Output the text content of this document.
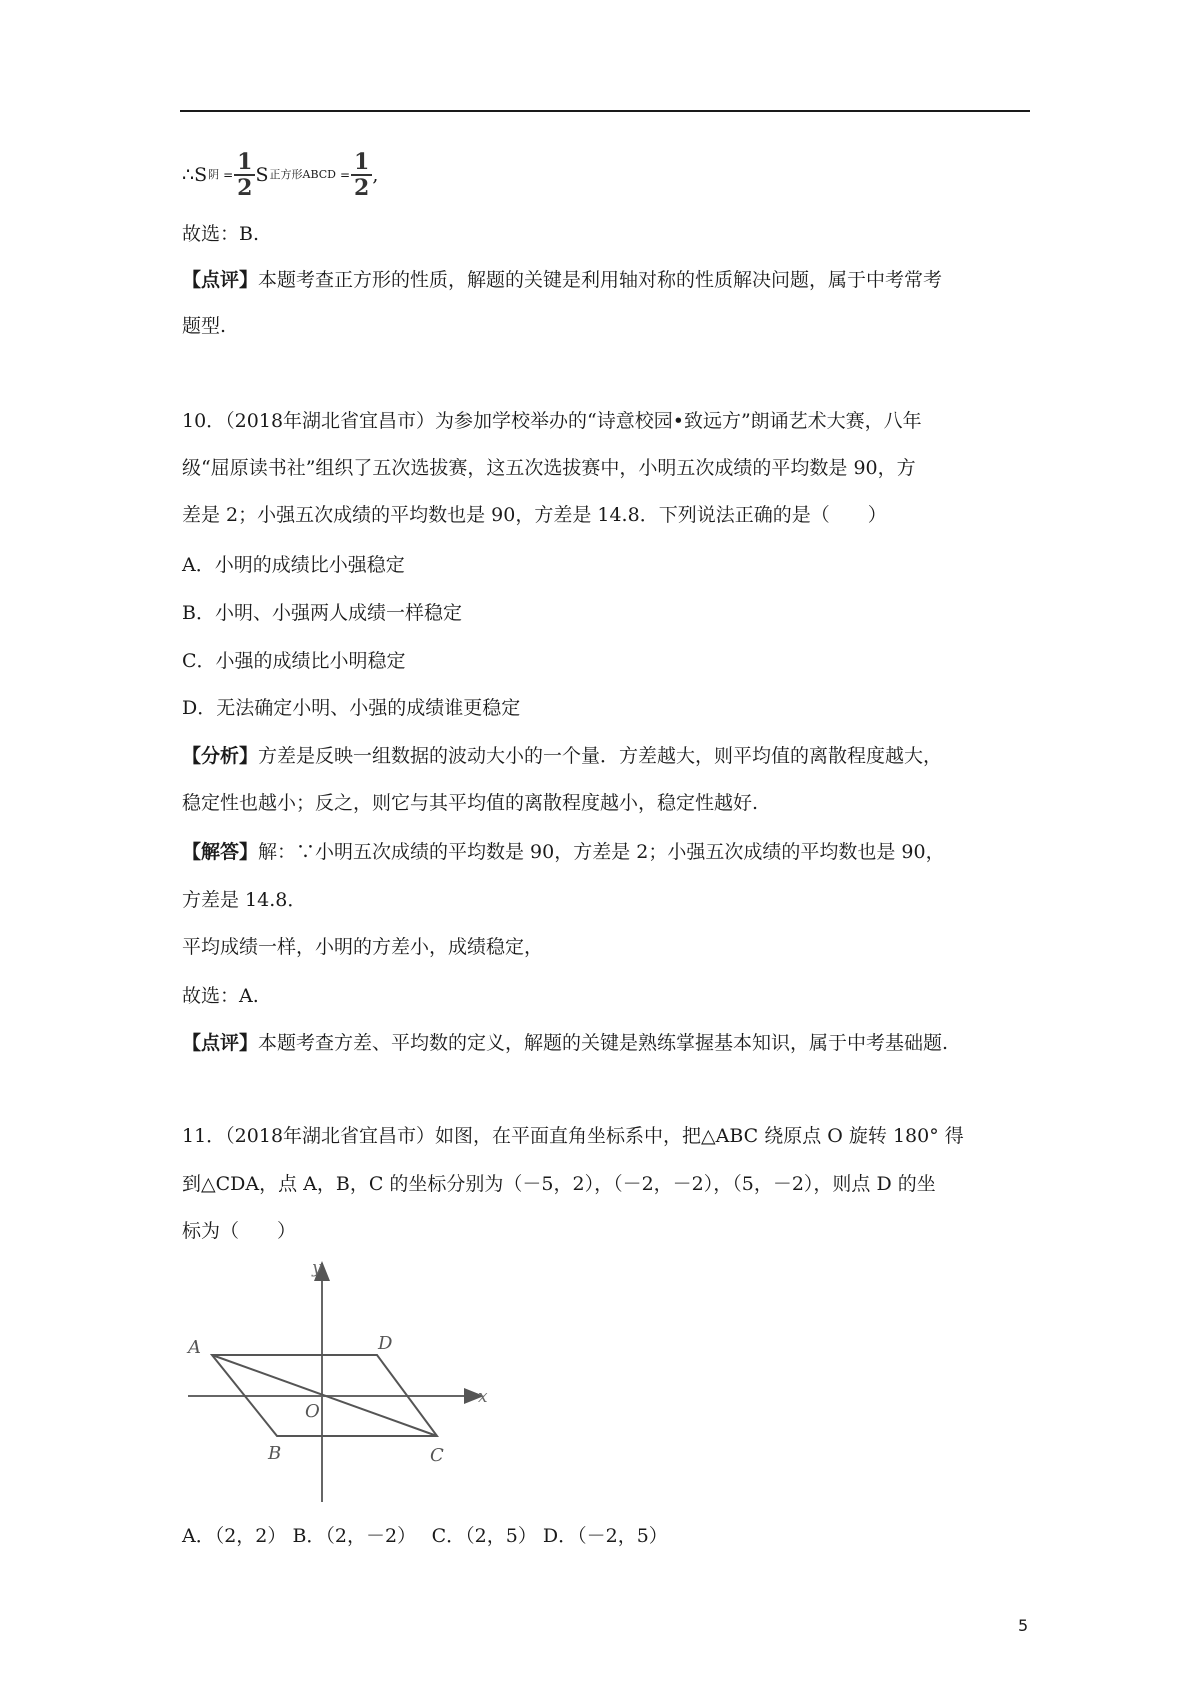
∴S 阴 = $\frac{1}{2}$ S 正方形ABCD = $\frac{1}{2}$ ,
故选：B.
【点评】本题考查正方形的性质，解题的关键是利用轴对称的性质解决问题，属于中考常考
题型.
10．（2018年湖北省宜昌市）为参加学校举办的“诗意校园•致远方”朗诵艺术大赛，八年
级“屈原读书社”组织了五次选拔赛，这五次选拔赛中，小明五次成绩的平均数是 90，方
差是 2；小强五次成绩的平均数也是 90，方差是 14.8．下列说法正确的是（　　）
A．小明的成绩比小强稳定
B．小明、小强两人成绩一样稳定
C．小强的成绩比小明稳定
D．无法确定小明、小强的成绩谁更稳定
【分析】方差是反映一组数据的波动大小的一个量．方差越大，则平均值的离散程度越大，
稳定性也越小；反之，则它与其平均值的离散程度越小，稳定性越好.
【解答】解：∵小明五次成绩的平均数是 90，方差是 2；小强五次成绩的平均数也是 90，
方差是 14.8．
平均成绩一样，小明的方差小，成绩稳定，
故选：A.
【点评】本题考查方差、平均数的定义，解题的关键是熟练掌握基本知识，属于中考基础题.
11．（2018年湖北省宜昌市）如图，在平面直角坐标系中，把△ABC 绕原点 O 旋转 180° 得
到△CDA，点 A，B，C 的坐标分别为（－5，2），（－2，－2），（5，－2），则点 D 的坐
标为（　　）
y
x
O
A	D
B	C
A．（2，2） B．（2，－2）　 C．（2，5） D．（－2，5）
5
